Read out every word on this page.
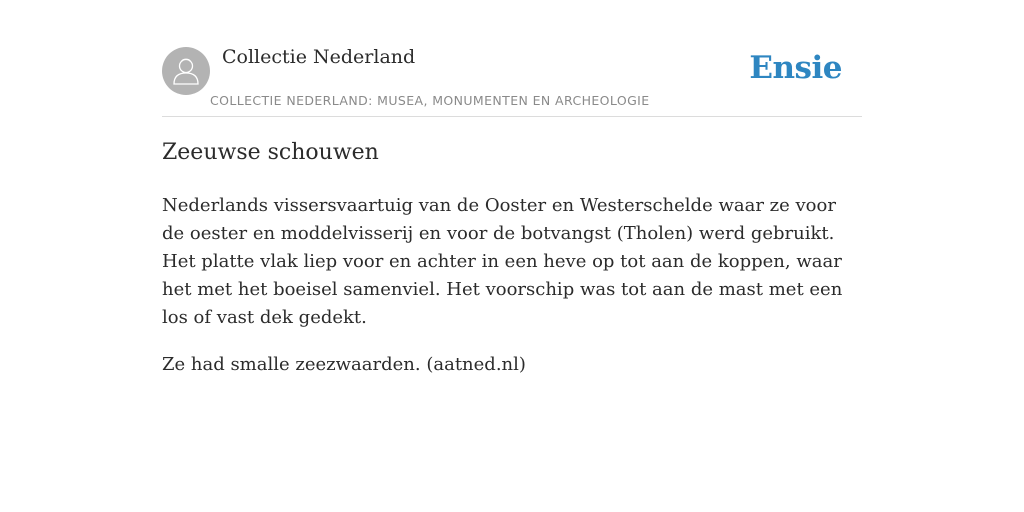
Collectie Nederland
COLLECTIE NEDERLAND: MUSEA, MONUMENTEN EN ARCHEOLOGIE
Ensie
Zeeuwse schouwen

Nederlands vissersvaartuig van de Ooster en Westerschelde waar ze voor de oester en moddelvisserij en voor de botvangst (Tholen) werd gebruikt. Het platte vlak liep voor en achter in een heve op tot aan de koppen, waar het met het boeisel samenviel. Het voorschip was tot aan de mast met een los of vast dek gedekt.

Ze had smalle zeezwaarden. (aatned.nl)
